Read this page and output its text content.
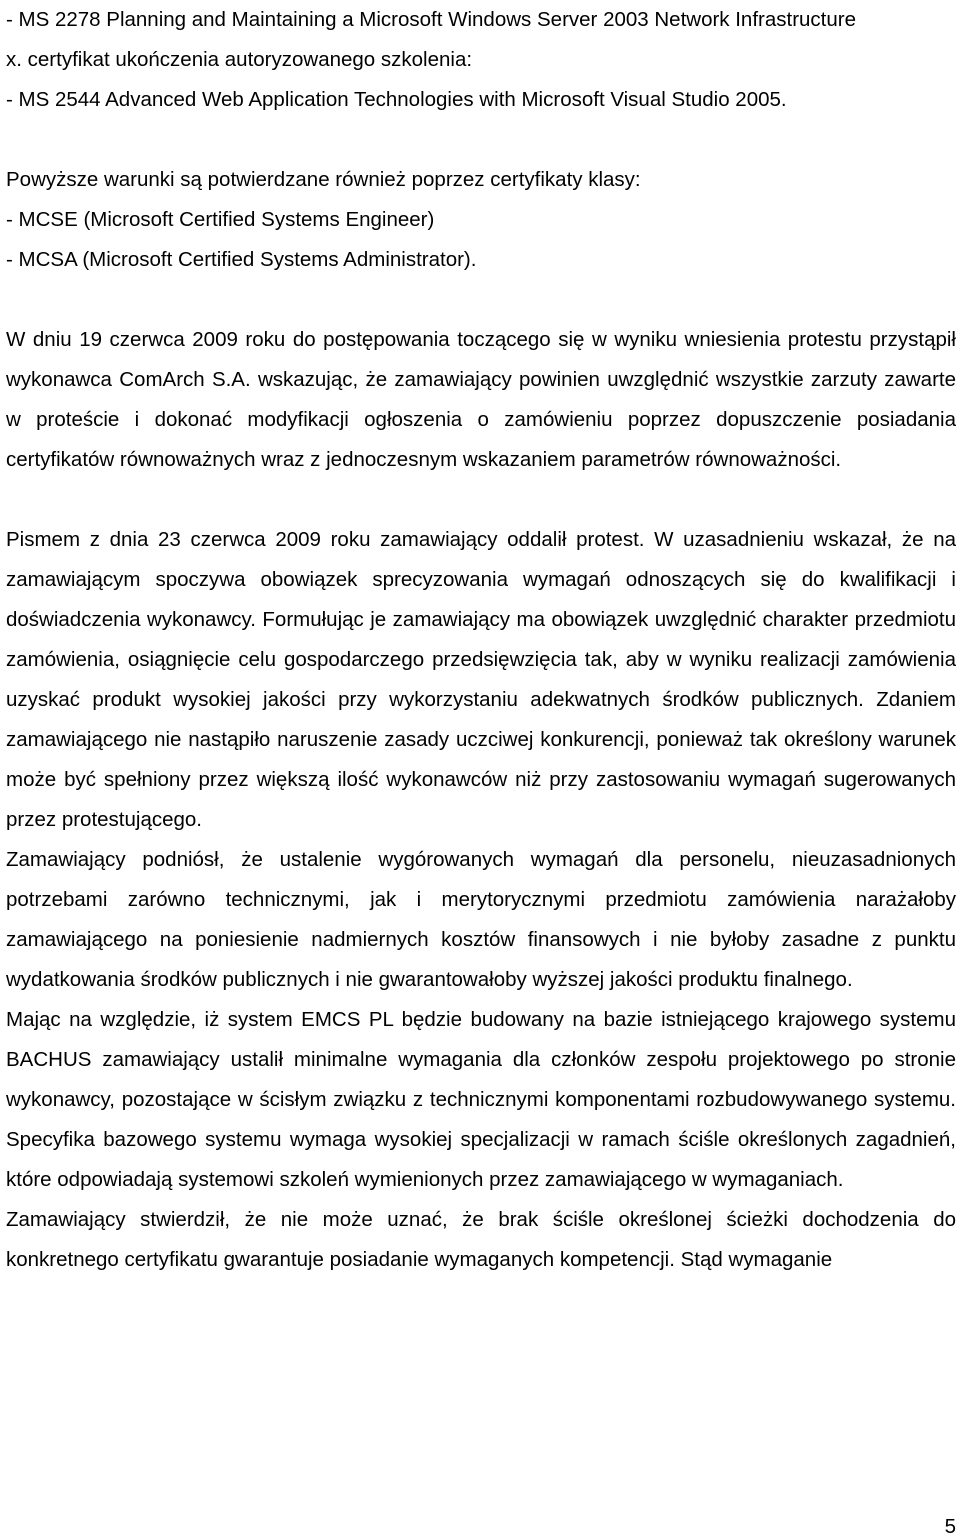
- MS 2278 Planning and Maintaining a Microsoft Windows Server 2003 Network Infrastructure
x. certyfikat ukończenia autoryzowanego szkolenia:
- MS 2544 Advanced Web Application Technologies with Microsoft Visual Studio 2005.

Powyższe warunki są potwierdzane również poprzez certyfikaty klasy:
- MCSE (Microsoft Certified Systems Engineer)
- MCSA (Microsoft Certified Systems Administrator).

W dniu 19 czerwca 2009 roku do postępowania toczącego się w wyniku wniesienia protestu przystąpił wykonawca ComArch S.A. wskazując, że zamawiający powinien uwzględnić wszystkie zarzuty zawarte w proteście i dokonać modyfikacji ogłoszenia o zamówieniu poprzez dopuszczenie posiadania certyfikatów równoważnych wraz z jednoczesnym wskazaniem parametrów równoważności.

Pismem z dnia 23 czerwca 2009 roku zamawiający oddalił protest. W uzasadnieniu wskazał, że na zamawiającym spoczywa obowiązek sprecyzowania wymagań odnoszących się do kwalifikacji i doświadczenia wykonawcy. Formułując je zamawiający ma obowiązek uwzględnić charakter przedmiotu zamówienia, osiągnięcie celu gospodarczego przedsięwzięcia tak, aby w wyniku realizacji zamówienia uzyskać produkt wysokiej jakości przy wykorzystaniu adekwatnych środków publicznych. Zdaniem zamawiającego nie nastąpiło naruszenie zasady uczciwej konkurencji, ponieważ tak określony warunek może być spełniony przez większą ilość wykonawców niż przy zastosowaniu wymagań sugerowanych przez protestującego.

Zamawiający podniósł, że ustalenie wygórowanych wymagań dla personelu, nieuzasadnionych potrzebami zarówno technicznymi, jak i merytorycznymi przedmiotu zamówienia narażałoby zamawiającego na poniesienie nadmiernych kosztów finansowych i nie byłoby zasadne z punktu wydatkowania środków publicznych i nie gwarantowałoby wyższej jakości produktu finalnego.

Mając na względzie, iż system EMCS PL będzie budowany na bazie istniejącego krajowego systemu BACHUS zamawiający ustalił minimalne wymagania dla członków zespołu projektowego po stronie wykonawcy, pozostające w ścisłym związku z technicznymi komponentami rozbudowywanego systemu. Specyfika bazowego systemu wymaga wysokiej specjalizacji w ramach ściśle określonych zagadnień, które odpowiadają systemowi szkoleń wymienionych przez zamawiającego w wymaganiach.

Zamawiający stwierdził, że nie może uznać, że brak ściśle określonej ścieżki dochodzenia do konkretnego certyfikatu gwarantuje posiadanie wymaganych kompetencji. Stąd wymaganie

5
